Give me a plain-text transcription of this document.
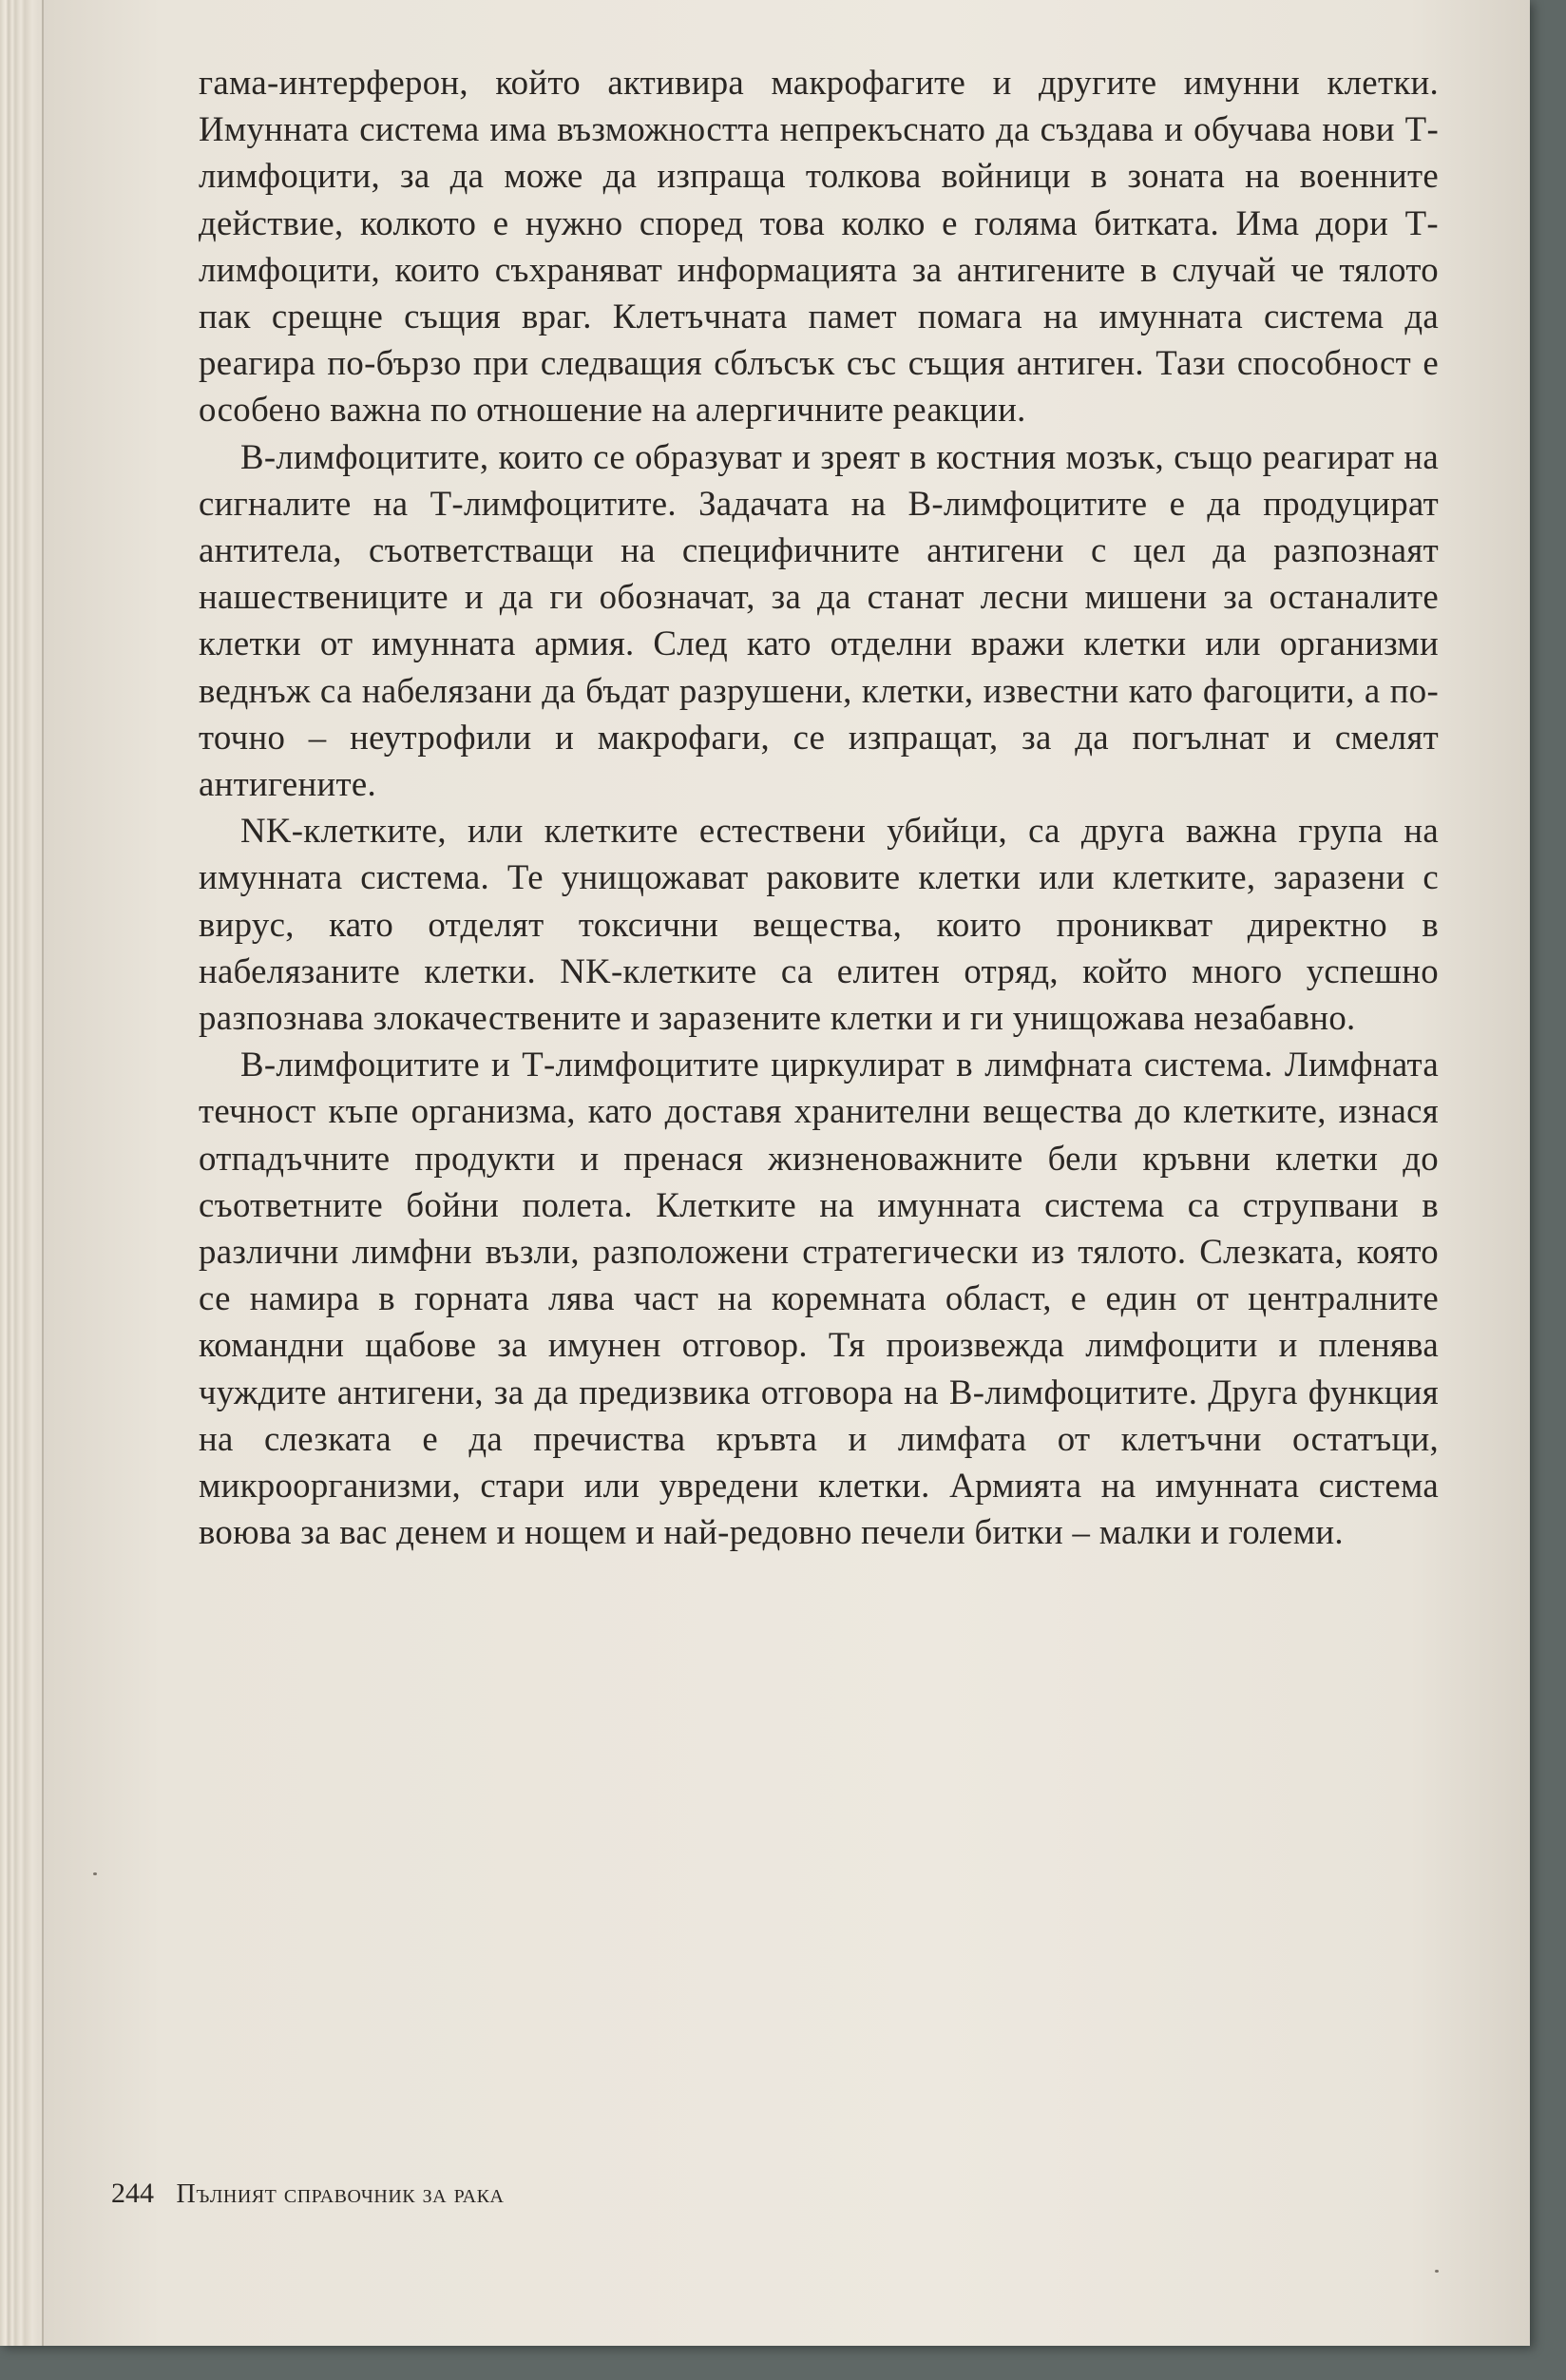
гама-интерферон, който активира макрофагите и другите имунни клетки. Имунната система има възможността непрекъснато да създава и обучава нови Т-лимфоцити, за да може да изпраща толкова войници в зоната на военните действие, колкото е нужно според това колко е голяма битката. Има дори Т-лимфоцити, които съхраняват информацията за антигените в случай че тялото пак срещне същия враг. Клетъчната памет помага на имунната система да реагира по-бързо при следващия сблъсък със същия антиген. Тази способност е особено важна по отношение на алергичните реакции.

В-лимфоцитите, които се образуват и зреят в костния мозък, също реагират на сигналите на Т-лимфоцитите. Задачата на В-лимфоцитите е да продуцират антитела, съответстващи на специфичните антигени с цел да разпознаят нашествениците и да ги обозначат, за да станат лесни мишени за останалите клетки от имунната армия. След като отделни вражи клетки или организми веднъж са набелязани да бъдат разрушени, клетки, известни като фагоцити, а по-точно – неутрофили и макрофаги, се изпращат, за да погълнат и смелят антигените.

NK-клетките, или клетките естествени убийци, са друга важна група на имунната система. Те унищожават раковите клетки или клетките, заразени с вирус, като отделят токсични вещества, които проникват директно в набелязаните клетки. NK-клетките са елитен отряд, който много успешно разпознава злокачествените и заразените клетки и ги унищожава незабавно.

В-лимфоцитите и Т-лимфоцитите циркулират в лимфната система. Лимфната течност къпе организма, като доставя хранителни вещества до клетките, изнася отпадъчните продукти и пренася жизненоважните бели кръвни клетки до съответните бойни полета. Клетките на имунната система са струпвани в различни лимфни възли, разположени стратегически из тялото. Слезката, която се намира в горната лява част на коремната област, е един от централните командни щабове за имунен отговор. Тя произвежда лимфоцити и пленява чуждите антигени, за да предизвика отговора на В-лимфоцитите. Друга функция на слезката е да пречиства кръвта и лимфата от клетъчни остатъци, микроорганизми, стари или увредени клетки. Армията на имунната система воюва за вас денем и нощем и най-редовно печели битки – малки и големи.

244 Пълният справочник за рака
